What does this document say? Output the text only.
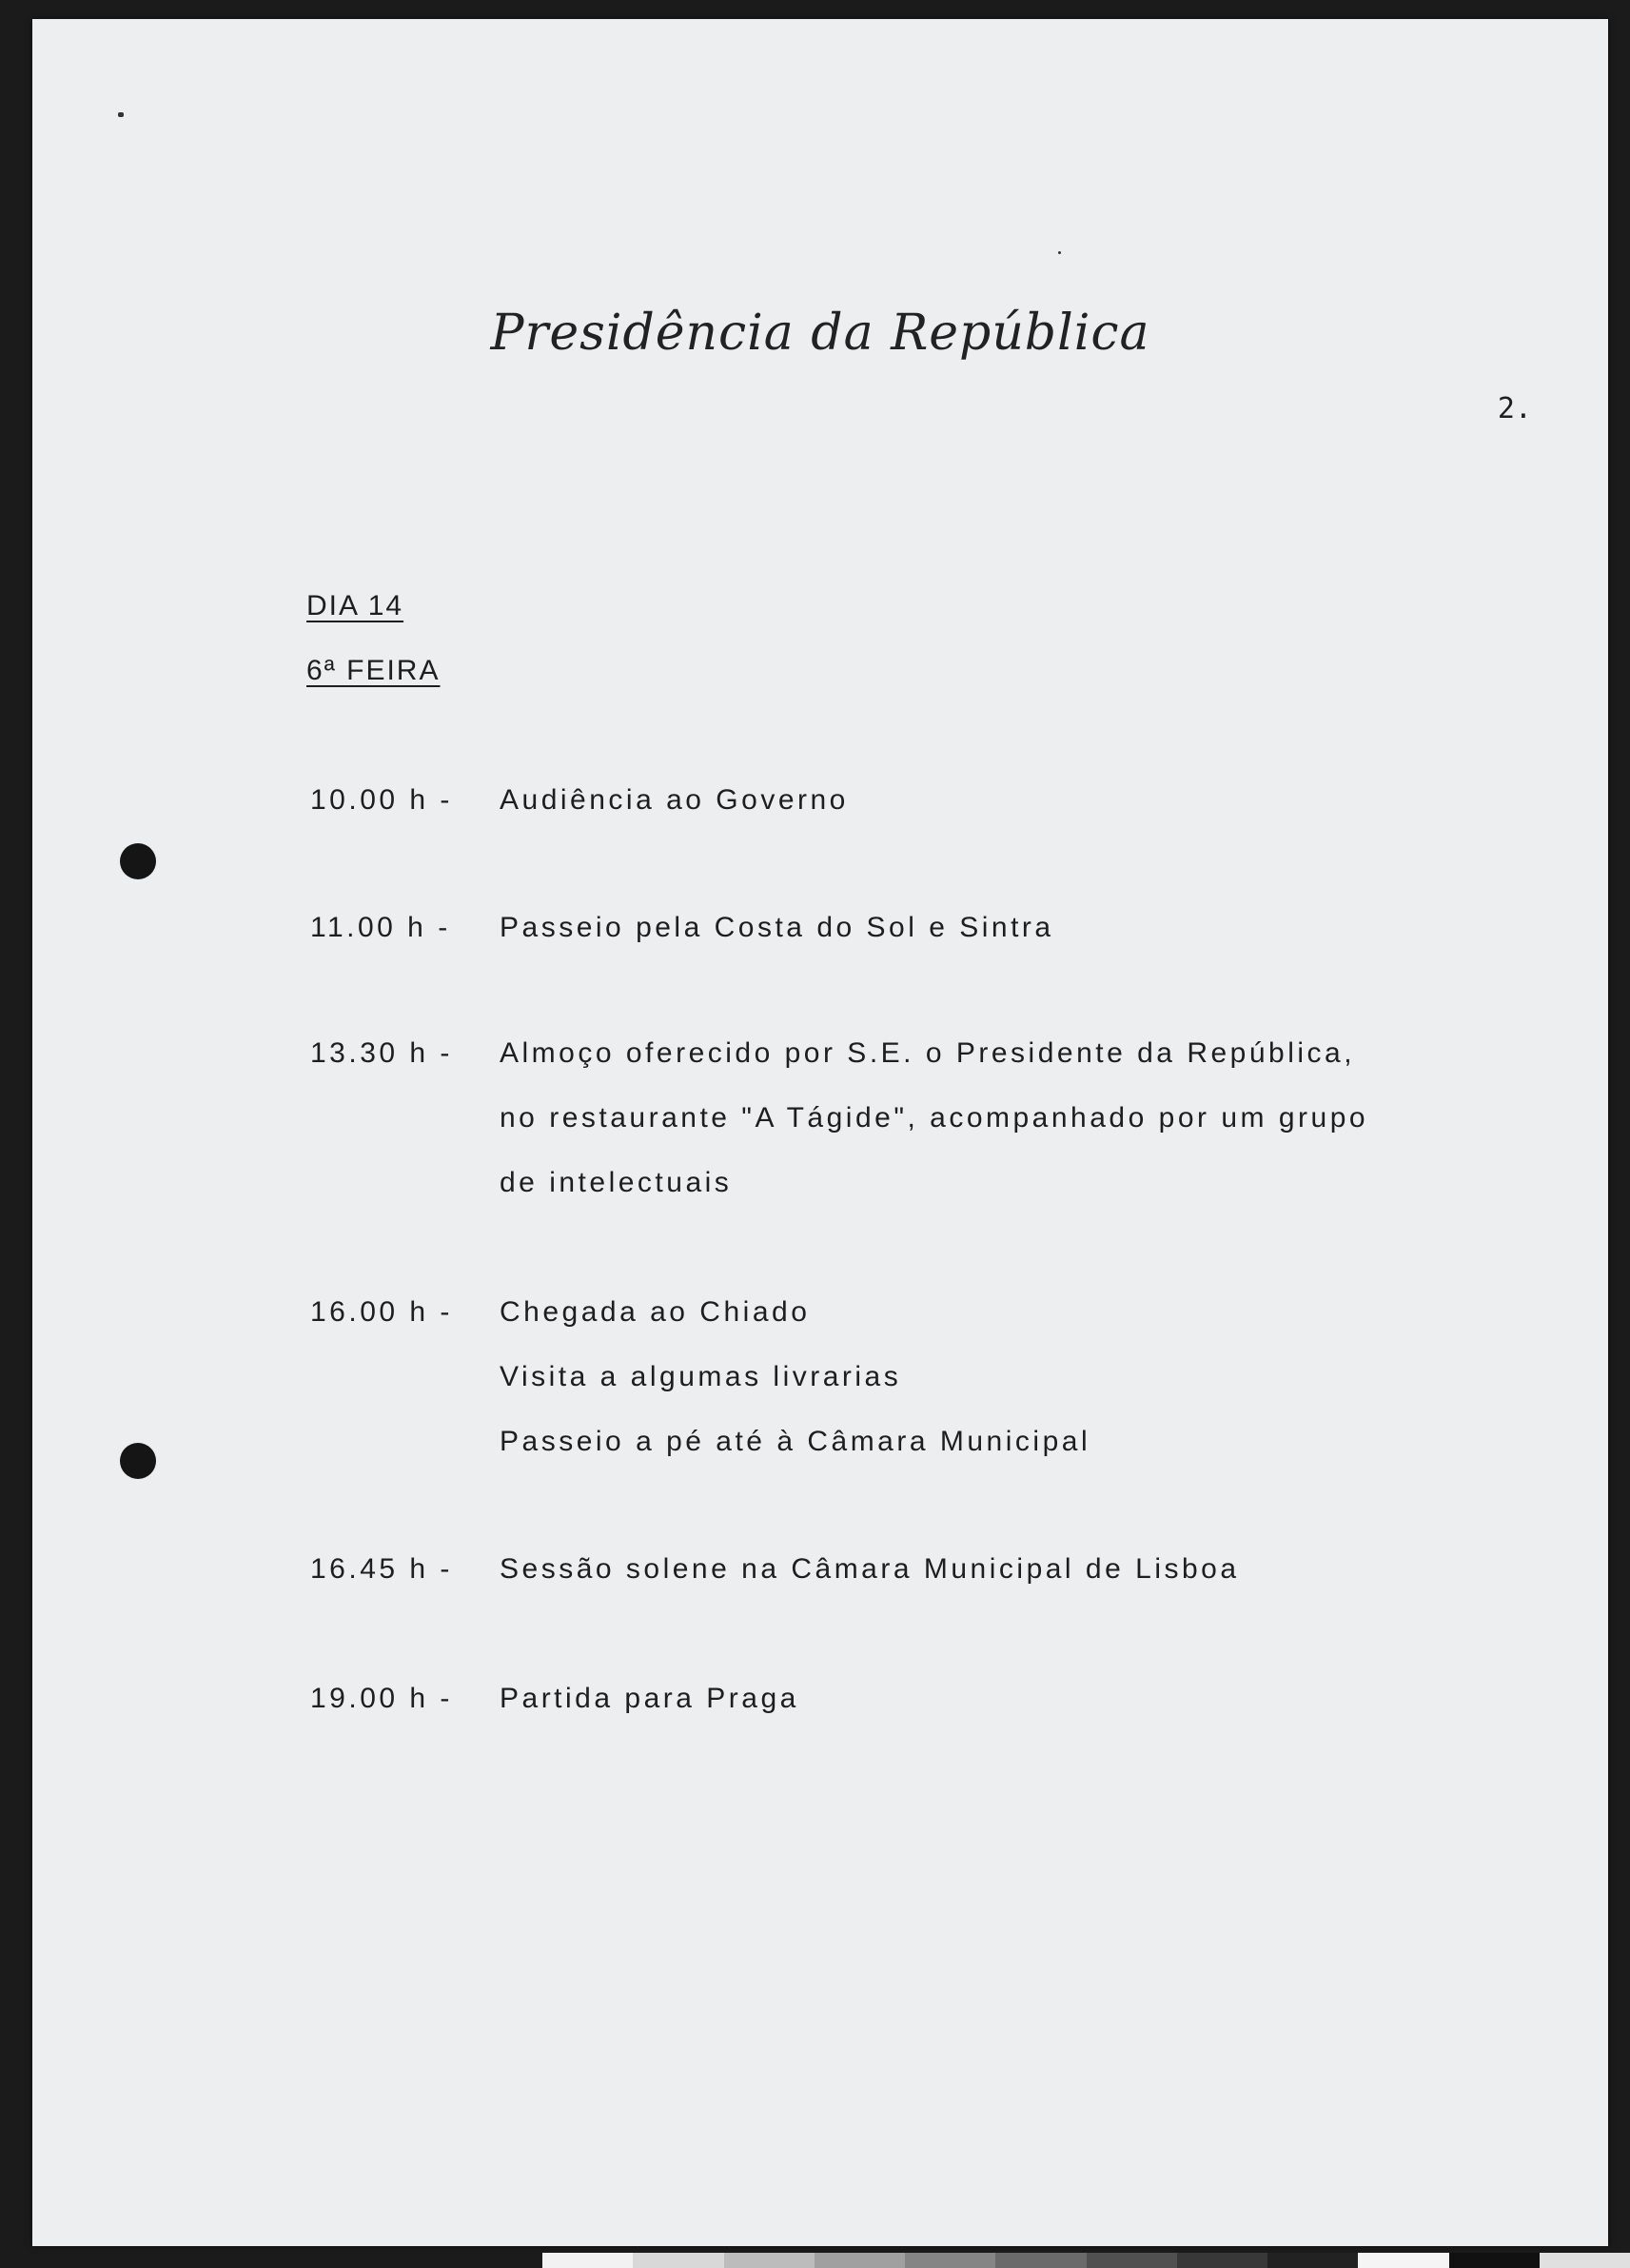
Presidência da República
2.
DIA 14
6ª FEIRA
10.00 h - Audiência ao Governo
11.00 h - Passeio pela Costa do Sol e Sintra
13.30 h - Almoço oferecido por S.E. o Presidente da República,
no restaurante "A Tágide", acompanhado por um grupo
de intelectuais
16.00 h - Chegada ao Chiado
Visita a algumas livrarias
Passeio a pé até à Câmara Municipal
16.45 h - Sessão solene na Câmara Municipal de Lisboa
19.00 h - Partida para Praga
